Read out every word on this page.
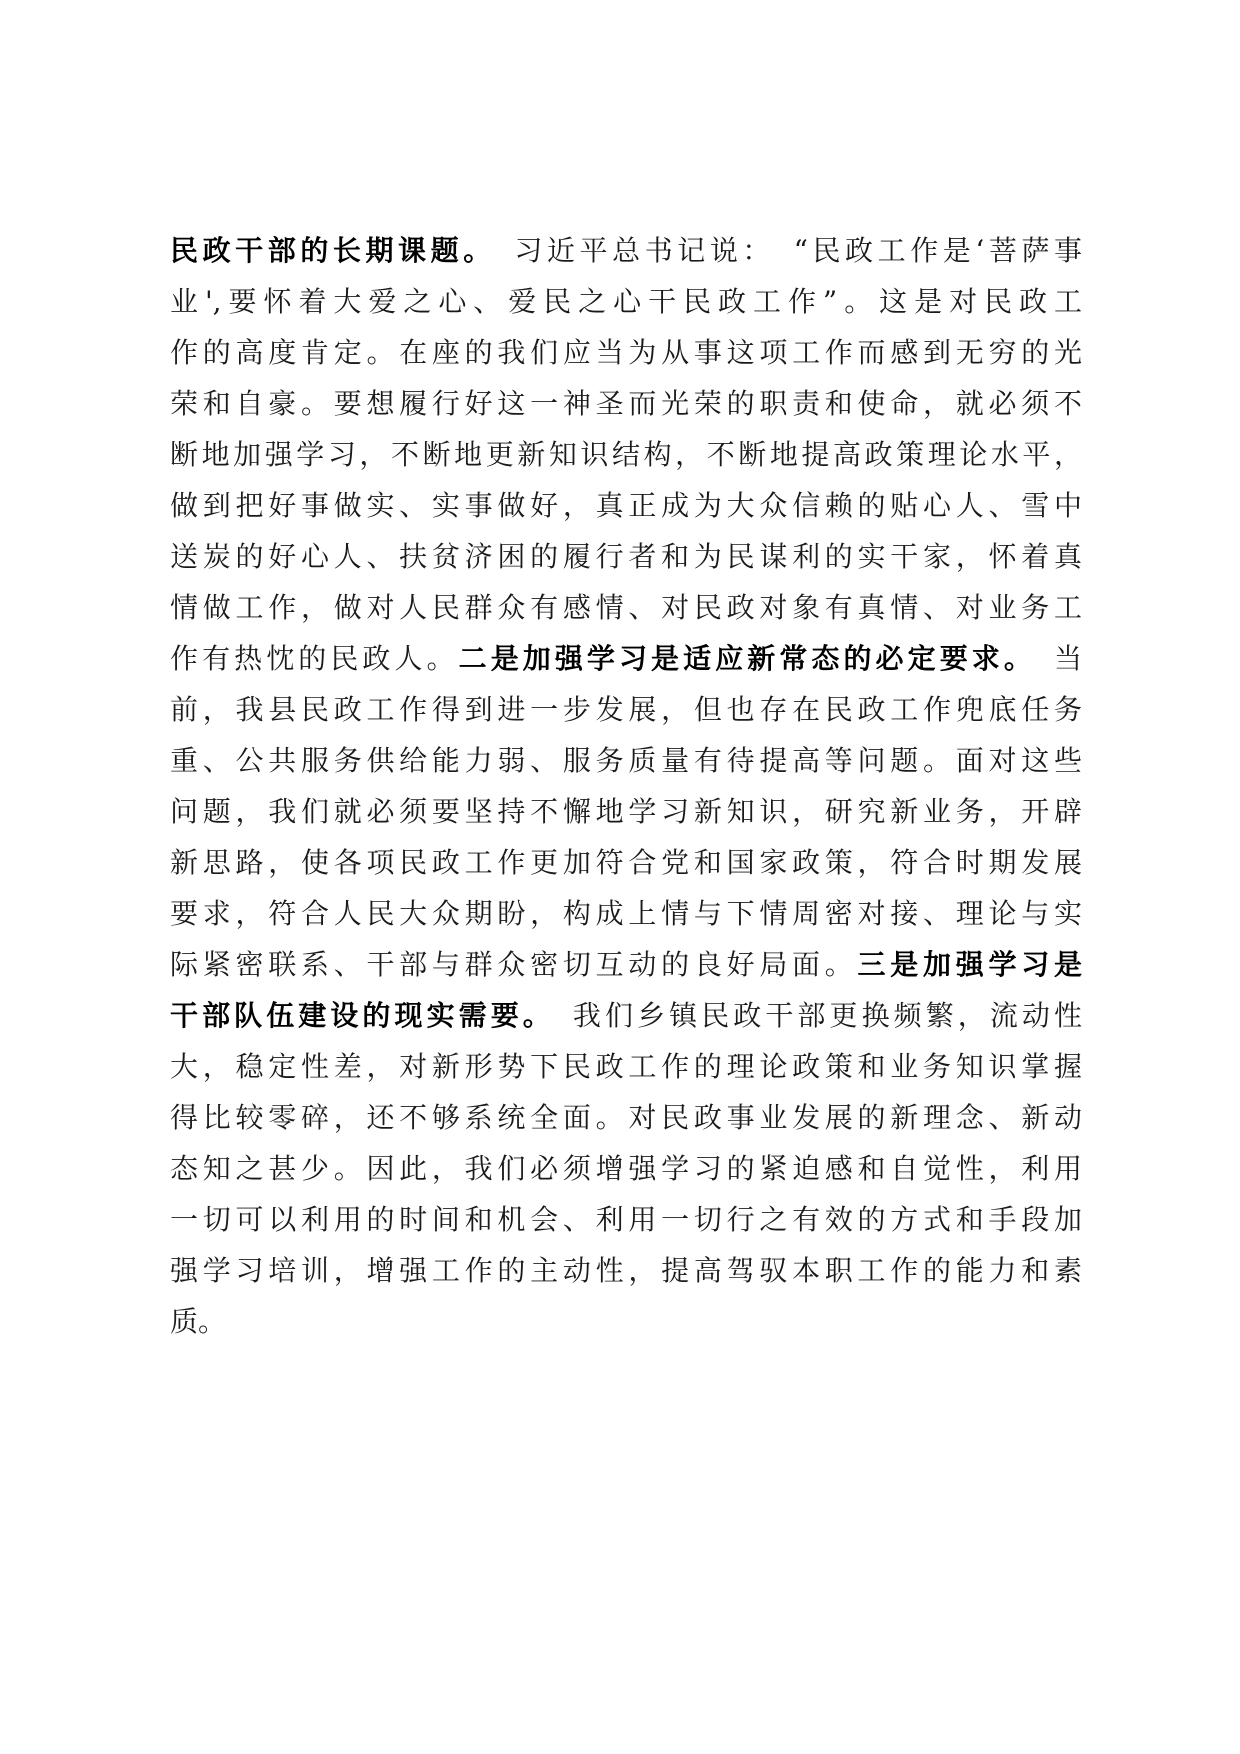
民政干部的长期课题。　习近平总书记说：　“民政工作是‘菩萨事
业',要怀着大爱之心、爱民之心干民政工作”。这是对民政工
作的高度肯定。在座的我们应当为从事这项工作而感到无穷的光
荣和自豪。要想履行好这一神圣而光荣的职责和使命，就必须不
断地加强学习，不断地更新知识结构，不断地提高政策理论水平，
做到把好事做实、实事做好，真正成为大众信赖的贴心人、雪中
送炭的好心人、扶贫济困的履行者和为民谋利的实干家，怀着真
情做工作，做对人民群众有感情、对民政对象有真情、对业务工
作有热忱的民政人。二是加强学习是适应新常态的必定要求。　当
前，我县民政工作得到进一步发展，但也存在民政工作兜底任务
重、公共服务供给能力弱、服务质量有待提高等问题。面对这些
问题，我们就必须要坚持不懈地学习新知识，研究新业务，开辟
新思路，使各项民政工作更加符合党和国家政策，符合时期发展
要求，符合人民大众期盼，构成上情与下情周密对接、理论与实
际紧密联系、干部与群众密切互动的良好局面。三是加强学习是
干部队伍建设的现实需要。　我们乡镇民政干部更换频繁，流动性
大，稳定性差，对新形势下民政工作的理论政策和业务知识掌握
得比较零碎，还不够系统全面。对民政事业发展的新理念、新动
态知之甚少。因此，我们必须增强学习的紧迫感和自觉性，利用
一切可以利用的时间和机会、利用一切行之有效的方式和手段加
强学习培训，增强工作的主动性，提高驾驭本职工作的能力和素
质。
